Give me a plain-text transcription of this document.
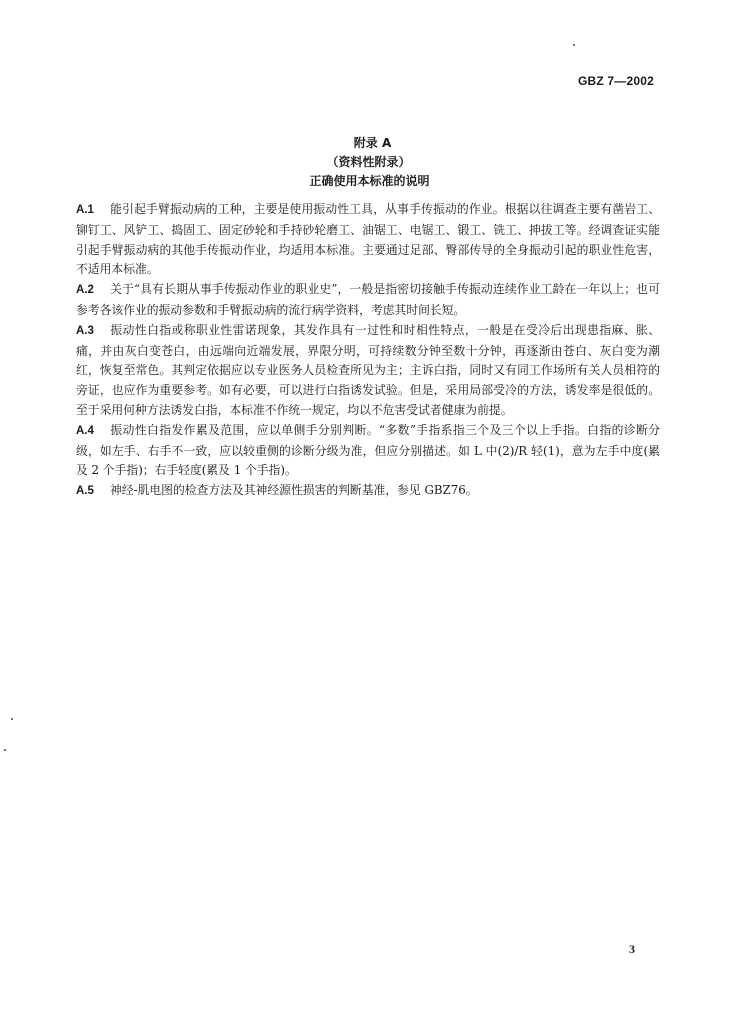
GBZ 7—2002
附录 A
（资料性附录）
正确使用本标准的说明

A.1 能引起手臂振动病的工种，主要是使用振动性工具，从事手传振动的作业。根据以往调查主要有凿岩工、铆钉工、风铲工、捣固工、固定砂轮和手持砂轮磨工、油锯工、电锯工、锻工、铣工、抻拔工等。经调查证实能引起手臂振动病的其他手传振动作业，均适用本标准。主要通过足部、臀部传导的全身振动引起的职业性危害，不适用本标准。

A.2 关于“具有长期从事手传振动作业的职业史”，一般是指密切接触手传振动连续作业工龄在一年以上；也可参考各该作业的振动参数和手臂振动病的流行病学资料，考虑其时间长短。

A.3 振动性白指或称职业性雷诺现象，其发作具有一过性和时相性特点，一般是在受冷后出现患指麻、胀、痛，并由灰白变苍白，由远端向近端发展，界限分明，可持续数分钟至数十分钟，再逐渐由苍白、灰白变为潮红，恢复至常色。其判定依据应以专业医务人员检查所见为主；主诉白指，同时又有同工作场所有关人员相符的旁证，也应作为重要参考。如有必要，可以进行白指诱发试验。但是，采用局部受冷的方法，诱发率是很低的。至于采用何种方法诱发白指，本标准不作统一规定，均以不危害受试者健康为前提。

A.4 振动性白指发作累及范围，应以单侧手分别判断。“多数”手指系指三个及三个以上手指。白指的诊断分级，如左手、右手不一致，应以较重侧的诊断分级为准，但应分别描述。如 L 中(2)/R 轻(1)，意为左手中度(累及 2 个手指)；右手轻度(累及 1 个手指)。

A.5 神经-肌电图的检查方法及其神经源性损害的判断基准，参见 GBZ76。

3
